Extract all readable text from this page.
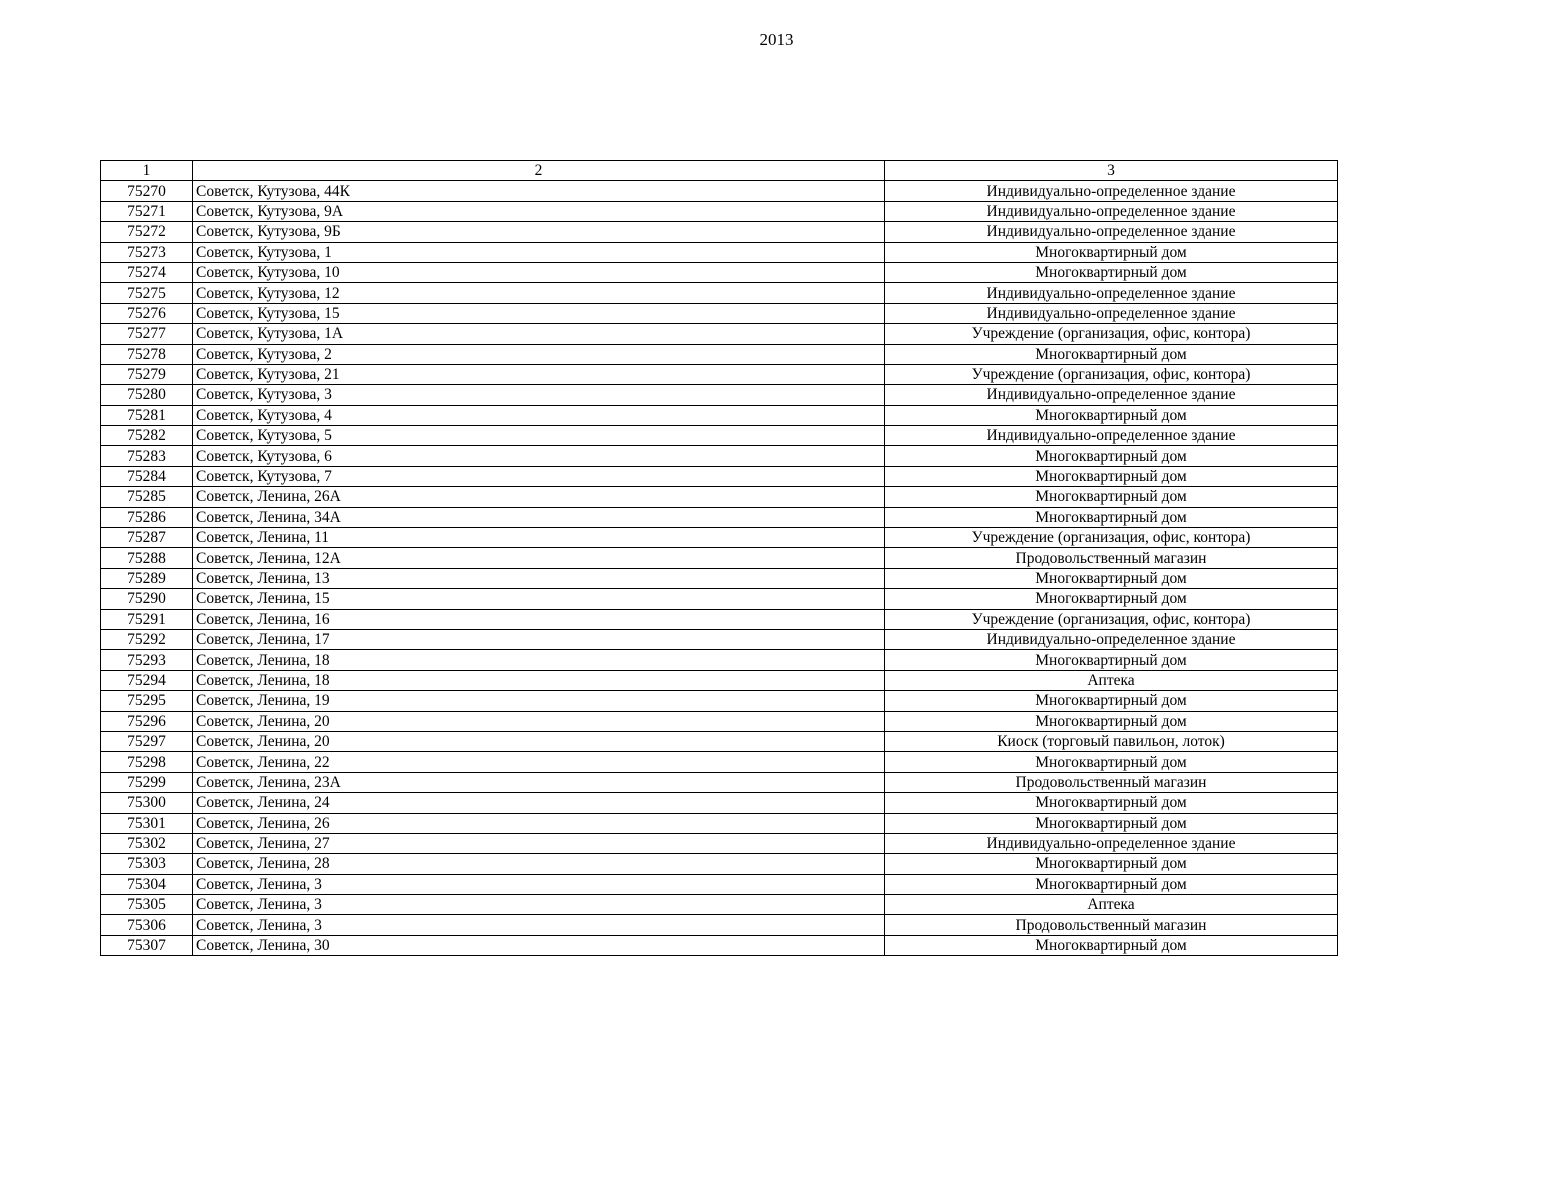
2013
1	2	3
75270	Советск, Кутузова, 44К	Индивидуально-определенное здание
75271	Советск, Кутузова, 9А	Индивидуально-определенное здание
75272	Советск, Кутузова, 9Б	Индивидуально-определенное здание
75273	Советск, Кутузова, 1	Многоквартирный дом
75274	Советск, Кутузова, 10	Многоквартирный дом
75275	Советск, Кутузова, 12	Индивидуально-определенное здание
75276	Советск, Кутузова, 15	Индивидуально-определенное здание
75277	Советск, Кутузова, 1А	Учреждение (организация, офис, контора)
75278	Советск, Кутузова, 2	Многоквартирный дом
75279	Советск, Кутузова, 21	Учреждение (организация, офис, контора)
75280	Советск, Кутузова, 3	Индивидуально-определенное здание
75281	Советск, Кутузова, 4	Многоквартирный дом
75282	Советск, Кутузова, 5	Индивидуально-определенное здание
75283	Советск, Кутузова, 6	Многоквартирный дом
75284	Советск, Кутузова, 7	Многоквартирный дом
75285	Советск, Ленина, 26А	Многоквартирный дом
75286	Советск, Ленина, 34А	Многоквартирный дом
75287	Советск, Ленина, 11	Учреждение (организация, офис, контора)
75288	Советск, Ленина, 12А	Продовольственный магазин
75289	Советск, Ленина, 13	Многоквартирный дом
75290	Советск, Ленина, 15	Многоквартирный дом
75291	Советск, Ленина, 16	Учреждение (организация, офис, контора)
75292	Советск, Ленина, 17	Индивидуально-определенное здание
75293	Советск, Ленина, 18	Многоквартирный дом
75294	Советск, Ленина, 18	Аптека
75295	Советск, Ленина, 19	Многоквартирный дом
75296	Советск, Ленина, 20	Многоквартирный дом
75297	Советск, Ленина, 20	Киоск (торговый павильон, лоток)
75298	Советск, Ленина, 22	Многоквартирный дом
75299	Советск, Ленина, 23А	Продовольственный магазин
75300	Советск, Ленина, 24	Многоквартирный дом
75301	Советск, Ленина, 26	Многоквартирный дом
75302	Советск, Ленина, 27	Индивидуально-определенное здание
75303	Советск, Ленина, 28	Многоквартирный дом
75304	Советск, Ленина, 3	Многоквартирный дом
75305	Советск, Ленина, 3	Аптека
75306	Советск, Ленина, 3	Продовольственный магазин
75307	Советск, Ленина, 30	Многоквартирный дом
